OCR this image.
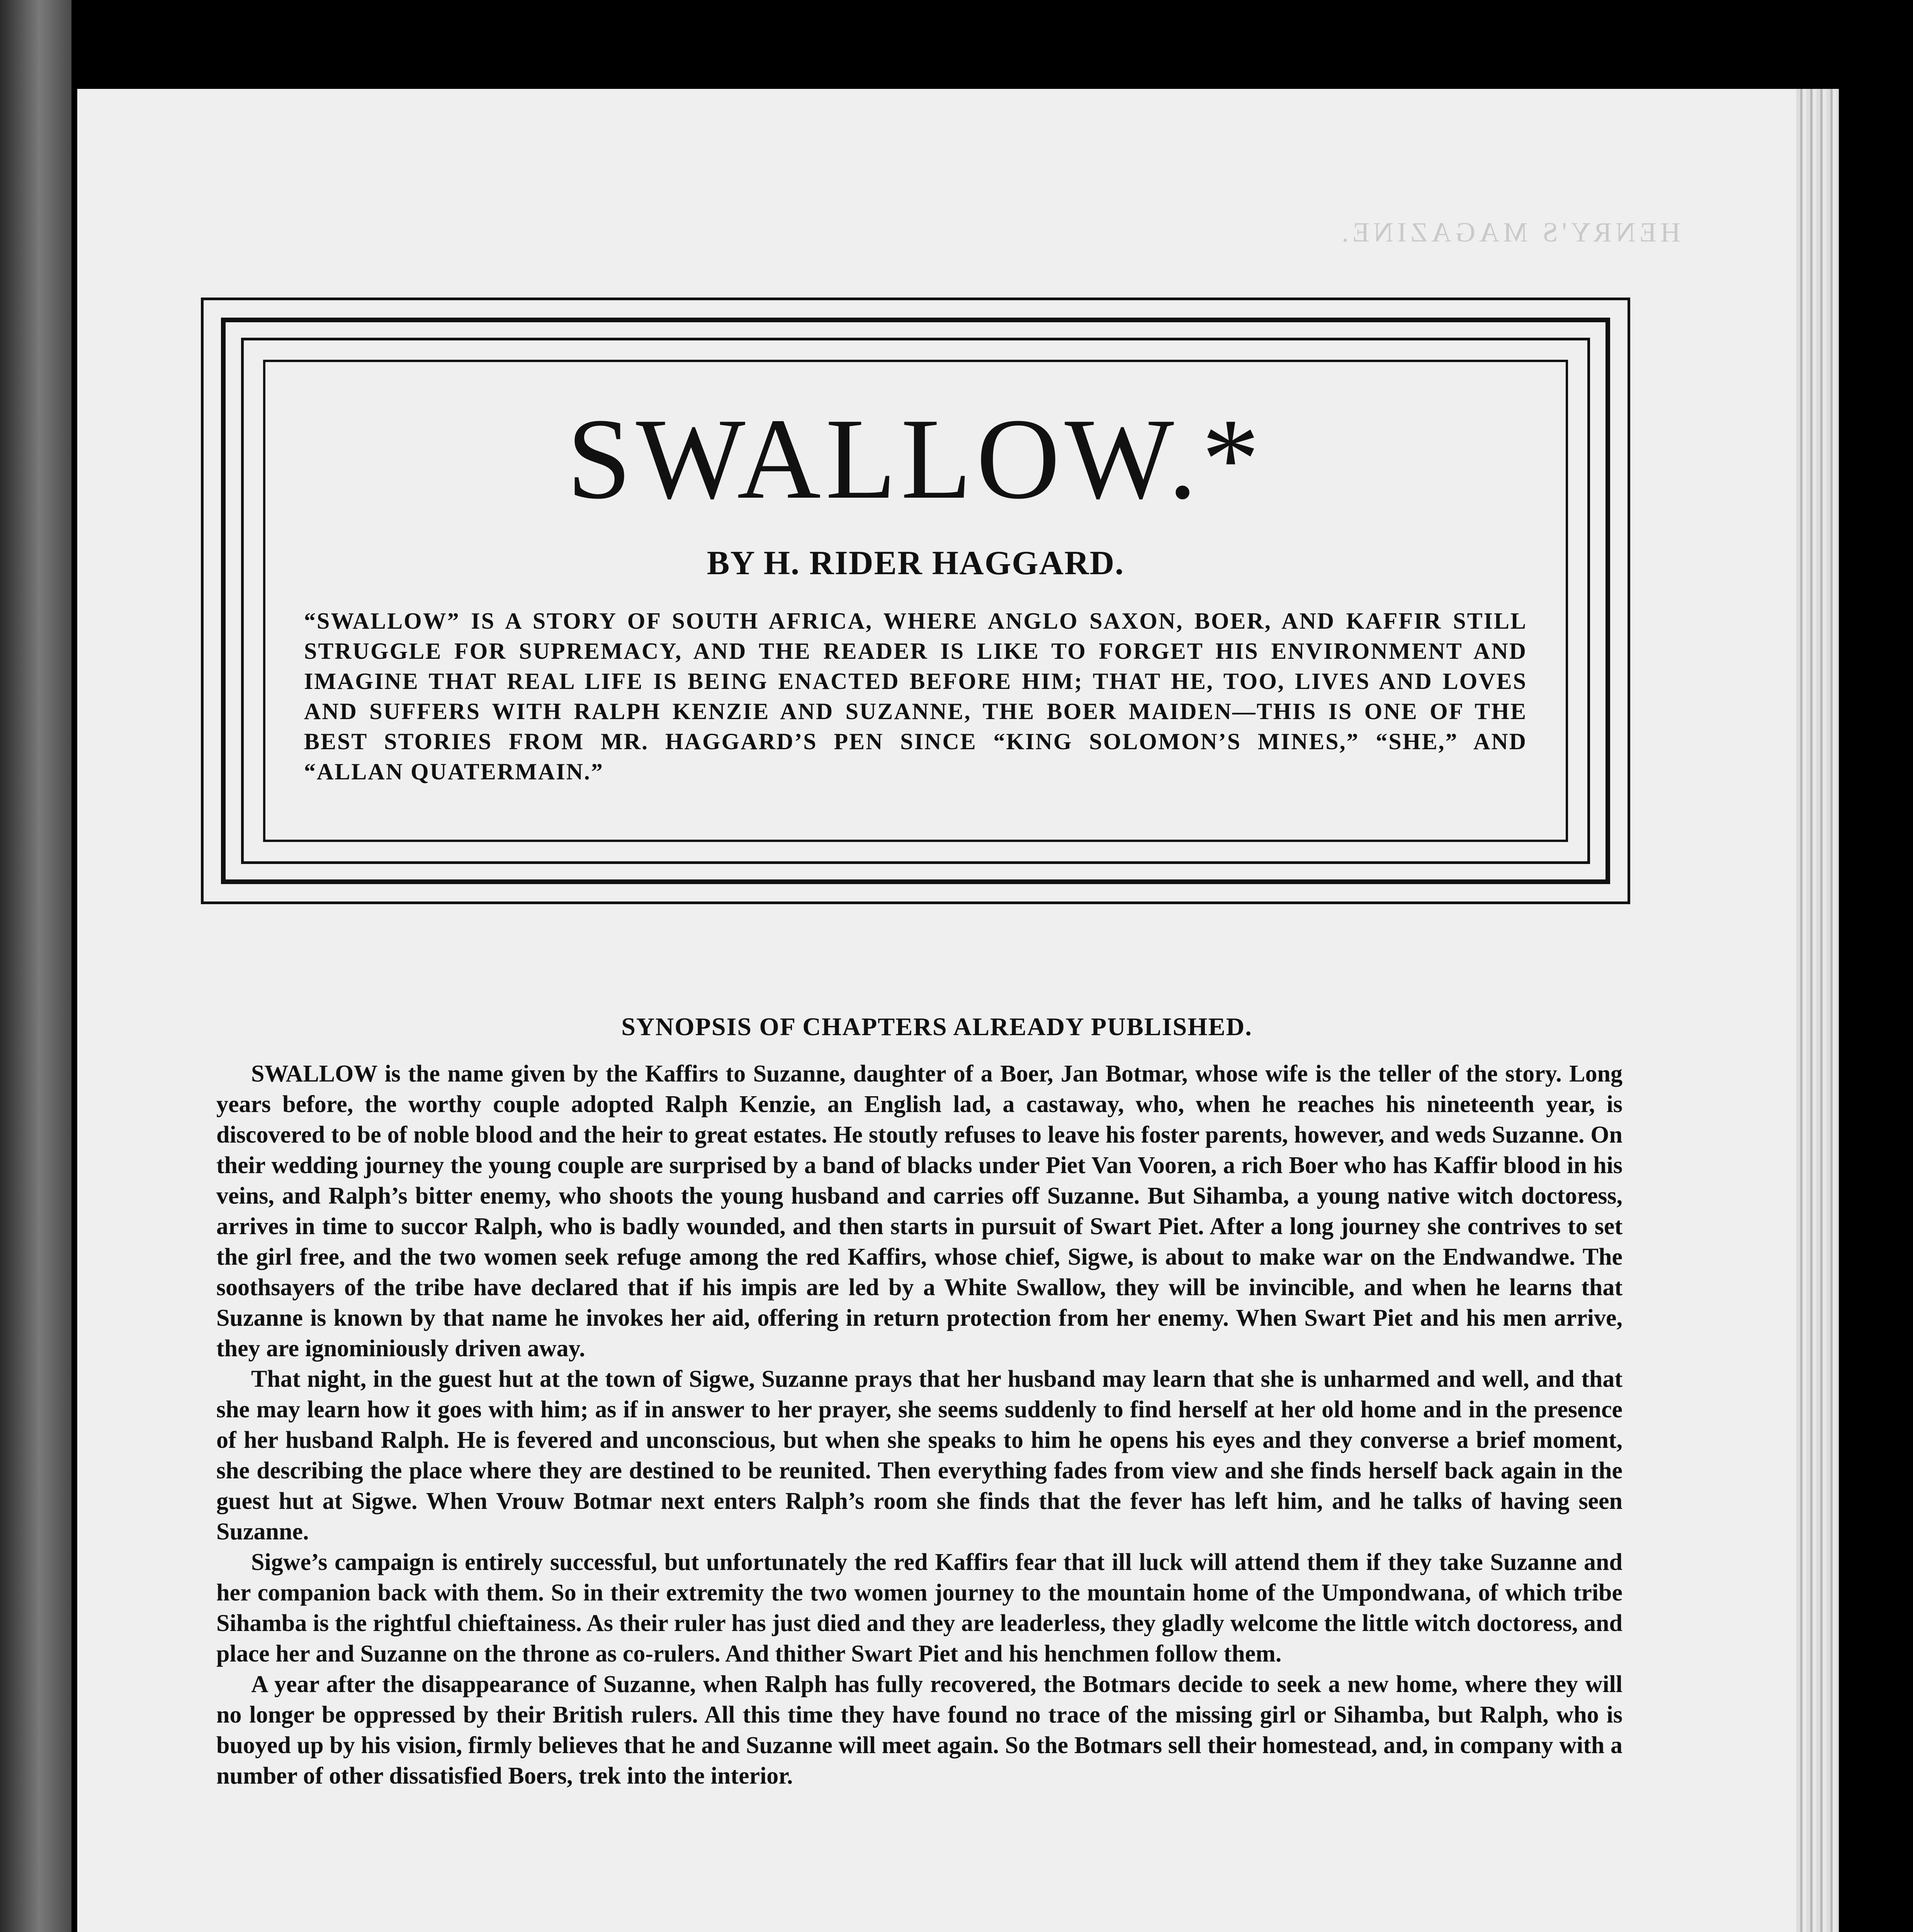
HENRY'S MAGAZINE.
SWALLOW.*
BY H. RIDER HAGGARD.
“SWALLOW” IS A STORY OF SOUTH AFRICA, WHERE ANGLO SAXON, BOER, AND KAFFIR STILL STRUGGLE FOR SUPREMACY, AND THE READER IS LIKE TO FORGET HIS ENVIRONMENT AND IMAGINE THAT REAL LIFE IS BEING ENACTED BEFORE HIM; THAT HE, TOO, LIVES AND LOVES AND SUFFERS WITH RALPH KENZIE AND SUZANNE, THE BOER MAIDEN—THIS IS ONE OF THE BEST STORIES FROM MR. HAGGARD’S PEN SINCE “KING SOLOMON’S MINES,” “SHE,” AND “ALLAN QUATERMAIN.”
SYNOPSIS OF CHAPTERS ALREADY PUBLISHED.

SWALLOW is the name given by the Kaffirs to Suzanne, daughter of a Boer, Jan Botmar, whose wife is the teller of the story. Long years before, the worthy couple adopted Ralph Kenzie, an English lad, a castaway, who, when he reaches his nineteenth year, is discovered to be of noble blood and the heir to great estates. He stoutly refuses to leave his foster parents, however, and weds Suzanne. On their wedding journey the young couple are surprised by a band of blacks under Piet Van Vooren, a rich Boer who has Kaffir blood in his veins, and Ralph’s bitter enemy, who shoots the young husband and carries off Suzanne. But Sihamba, a young native witch doctoress, arrives in time to succor Ralph, who is badly wounded, and then starts in pursuit of Swart Piet. After a long journey she contrives to set the girl free, and the two women seek refuge among the red Kaffirs, whose chief, Sigwe, is about to make war on the Endwandwe. The soothsayers of the tribe have declared that if his impis are led by a White Swallow, they will be invincible, and when he learns that Suzanne is known by that name he invokes her aid, offering in return protection from her enemy. When Swart Piet and his men arrive, they are ignominiously driven away.

That night, in the guest hut at the town of Sigwe, Suzanne prays that her husband may learn that she is unharmed and well, and that she may learn how it goes with him; as if in answer to her prayer, she seems suddenly to find herself at her old home and in the presence of her husband Ralph. He is fevered and unconscious, but when she speaks to him he opens his eyes and they converse a brief moment, she describing the place where they are destined to be reunited. Then everything fades from view and she finds herself back again in the guest hut at Sigwe. When Vrouw Botmar next enters Ralph’s room she finds that the fever has left him, and he talks of having seen Suzanne.

Sigwe’s campaign is entirely successful, but unfortunately the red Kaffirs fear that ill luck will attend them if they take Suzanne and her companion back with them. So in their extremity the two women journey to the mountain home of the Umpondwana, of which tribe Sihamba is the rightful chieftainess. As their ruler has just died and they are leaderless, they gladly welcome the little witch doctoress, and place her and Suzanne on the throne as co-rulers. And thither Swart Piet and his henchmen follow them.

A year after the disappearance of Suzanne, when Ralph has fully recovered, the Botmars decide to seek a new home, where they will no longer be oppressed by their British rulers. All this time they have found no trace of the missing girl or Sihamba, but Ralph, who is buoyed up by his vision, firmly believes that he and Suzanne will meet again. So the Botmars sell their homestead, and, in company with a number of other dissatisfied Boers, trek into the interior.
